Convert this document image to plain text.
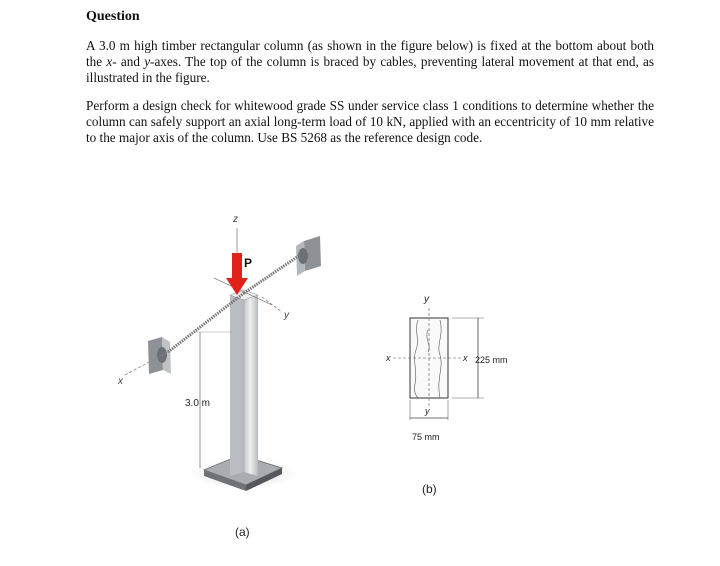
Question

A 3.0 m high timber rectangular column (as shown in the figure below) is fixed at the bottom about both the x- and y-axes. The top of the column is braced by cables, preventing lateral movement at that end, as illustrated in the figure.

Perform a design check for whitewood grade SS under service class 1 conditions to determine whether the column can safely support an axial long-term load of 10 kN, applied with an eccentricity of 10 mm relative to the major axis of the column. Use BS 5268 as the reference design code.

z
x
y
P
3.0 m
(a)
y
x	x 225 mm
y
75 mm
(b)
